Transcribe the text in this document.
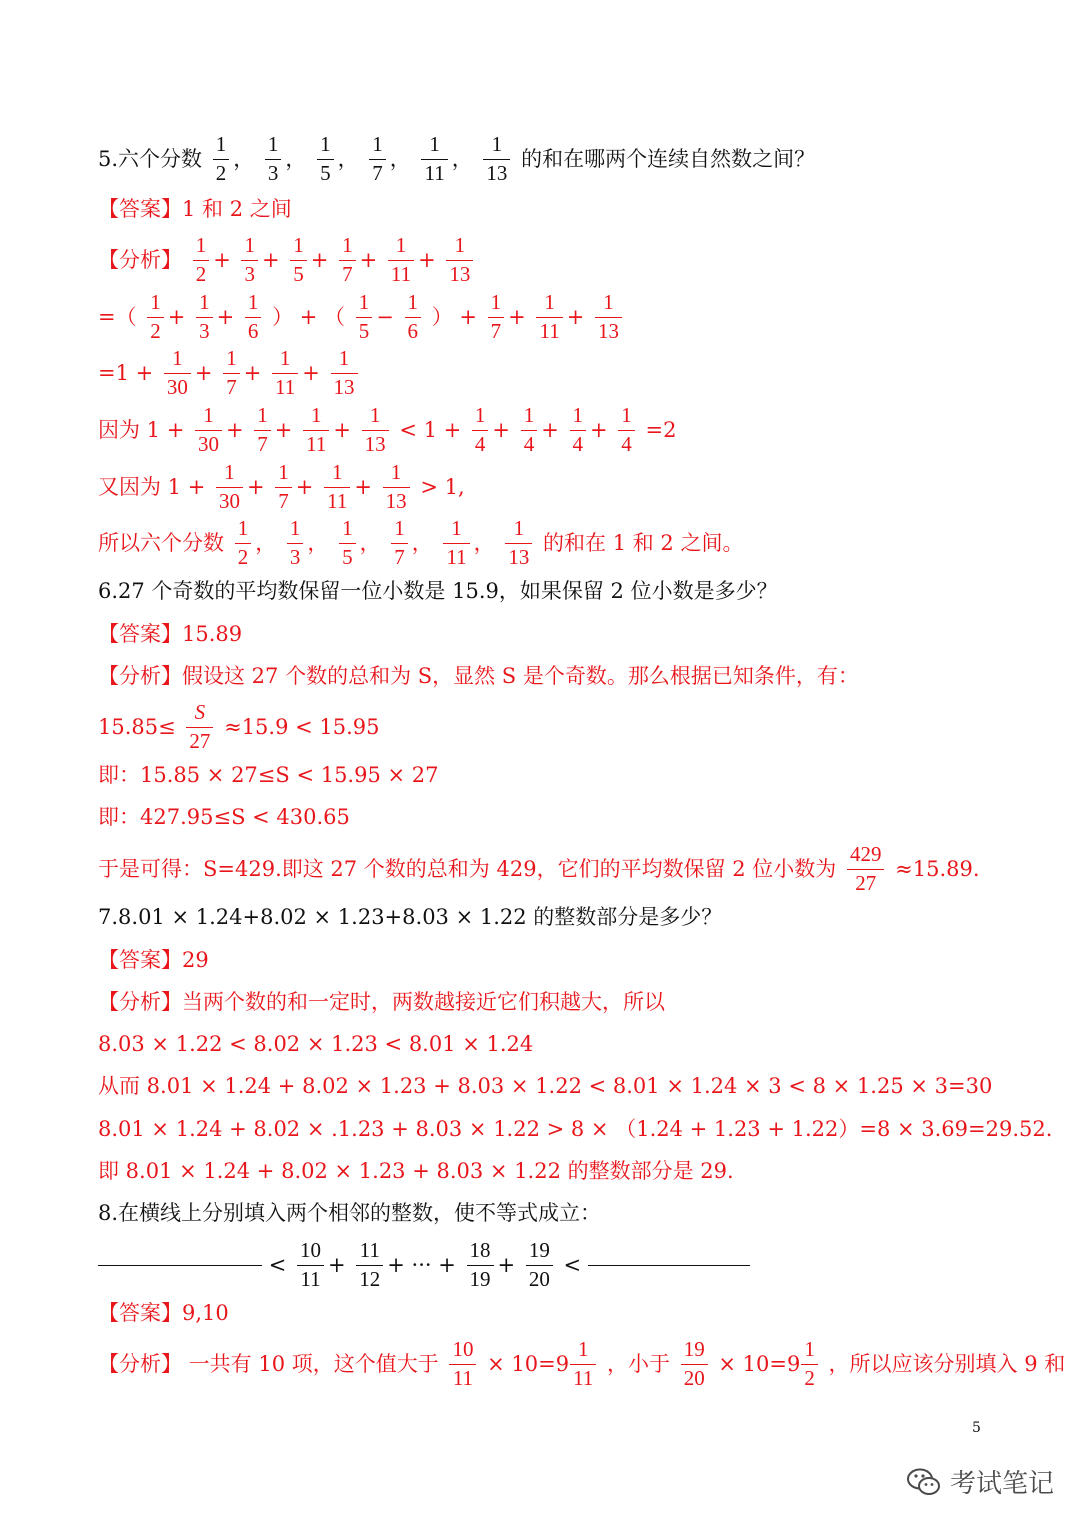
5.六个分数 $\frac{1}{2}$ ， $\frac{1}{3}$ ， $\frac{1}{5}$ ， $\frac{1}{7}$ ， $\frac{1}{11}$ ， $\frac{1}{13}$ 的和在哪两个连续自然数之间？
【答案】1 和 2 之间
【分析】 $\frac{1}{2} + \frac{1}{3} + \frac{1}{5} + \frac{1}{7} + \frac{1}{11} + \frac{1}{13}$
=（ $\frac{1}{2} + \frac{1}{3} + \frac{1}{6}$ ） + （ $\frac{1}{5} - \frac{1}{6}$ ） + $\frac{1}{7} + \frac{1}{11} + \frac{1}{13}$
$=1 + \frac{1}{30} + \frac{1}{7} + \frac{1}{11} + \frac{1}{13}$
因为 $1 + \frac{1}{30} + \frac{1}{7} + \frac{1}{11} + \frac{1}{13} < 1 + \frac{1}{4} + \frac{1}{4} + \frac{1}{4} + \frac{1}{4} =2$
又因为 $1 + \frac{1}{30} + \frac{1}{7} + \frac{1}{11} + \frac{1}{13} > 1$,
所以六个分数 $\frac{1}{2}$ ， $\frac{1}{3}$ ， $\frac{1}{5}$ ， $\frac{1}{7}$ ， $\frac{1}{11}$ ， $\frac{1}{13}$ 的和在 1 和 2 之间。
6.27 个奇数的平均数保留一位小数是 15.9，如果保留 2 位小数是多少？
【答案】15.89
【分析】假设这 27 个数的总和为 S，显然 S 是个奇数。那么根据已知条件，有：
$15.85\le \frac{S}{27} \approx 15.9 < 15.95$
即：15.85 × 27≤S < 15.95 × 27
即：427.95≤S < 430.65
于是可得：S=429.即这 27 个数的总和为 429，它们的平均数保留 2 位小数为 $\frac{429}{27} \approx 15.89$.
7.8.01 × 1.24+8.02 × 1.23+8.03 × 1.22 的整数部分是多少？
【答案】29
【分析】当两个数的和一定时，两数越接近它们积越大，所以
8.03 × 1.22 < 8.02 × 1.23 < 8.01 × 1.24
从而 8.01 × 1.24 + 8.02 × 1.23 + 8.03 × 1.22 < 8.01 × 1.24 × 3 < 8 × 1.25 × 3=30
8.01 × 1.24 + 8.02 × .1.23 + 8.03 × 1.22 > 8 × （1.24 + 1.23 + 1.22）=8 × 3.69=29.52.
即 8.01 × 1.24 + 8.02 × 1.23 + 8.03 × 1.22 的整数部分是 29.
8.在横线上分别填入两个相邻的整数，使不等式成立：
< $\frac{10}{11} + \frac{11}{12}$ + ··· + $\frac{18}{19} + \frac{19}{20}$ <
【答案】9,10
【分析】 一共有 10 项，这个值大于 $\frac{10}{11} \times 10=9 \frac{1}{11}$ ，小于 $\frac{19}{20} \times 10=9 \frac{1}{2}$ ，所以应该分别填入 9 和
5
考试笔记
